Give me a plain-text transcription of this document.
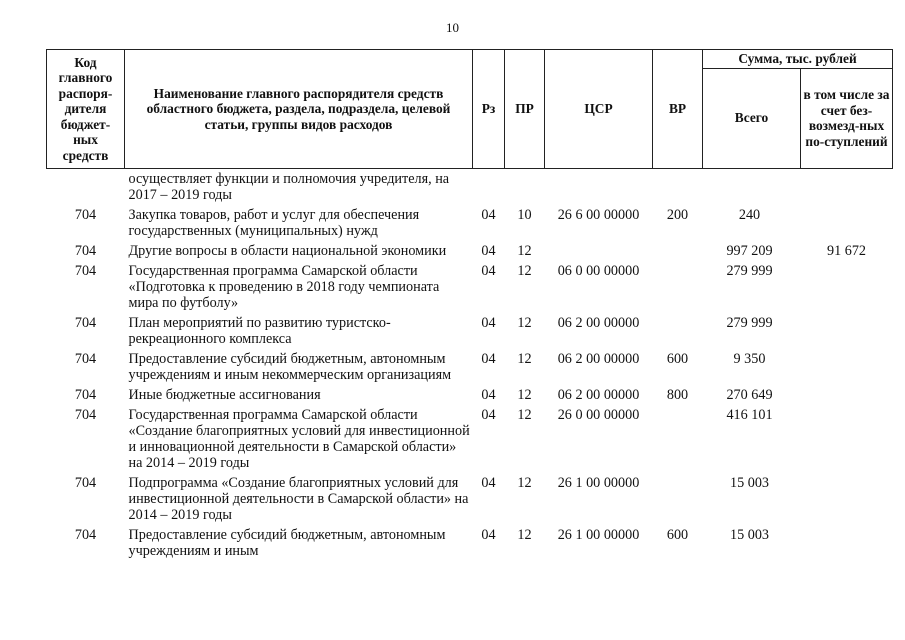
10
Код главного распоря-дителя бюджет-ных средств	Наименование главного распорядителя средств областного бюджета, раздела, подраздела, целевой статьи, группы видов расходов	Рз	ПР	ЦСР	ВР	Сумма, тыс. рублей	
						Всего	в том числе за счет без-возмезд-ных по-ступлений
	осуществляет функции и полномочия учредителя, на 2017 – 2019 годы						
704	Закупка товаров, работ и услуг для обеспечения государственных (муниципальных) нужд	04	10	26 6 00 00000	200	240	
704	Другие вопросы в области национальной экономики	04	12			997 209	91 672
704	Государственная программа Самарской области «Подготовка к проведению в 2018 году чемпионата мира по футболу»	04	12	06 0 00 00000		279 999	
704	План мероприятий по развитию туристско-рекреационного комплекса	04	12	06 2 00 00000		279 999	
704	Предоставление субсидий бюджетным, автономным учреждениям и иным некоммерческим организациям	04	12	06 2 00 00000	600	9 350	
704	Иные бюджетные ассигнования	04	12	06 2 00 00000	800	270 649	
704	Государственная программа Самарской области «Создание благоприятных условий для инвестиционной и инновационной деятельности в Самарской области» на 2014 – 2019 годы	04	12	26 0 00 00000		416 101	
704	Подпрограмма «Создание благоприятных условий для инвестиционной деятельности в Самарской области» на 2014 – 2019 годы	04	12	26 1 00 00000		15 003	
704	Предоставление субсидий бюджетным, автономным учреждениям и иным	04	12	26 1 00 00000	600	15 003	
